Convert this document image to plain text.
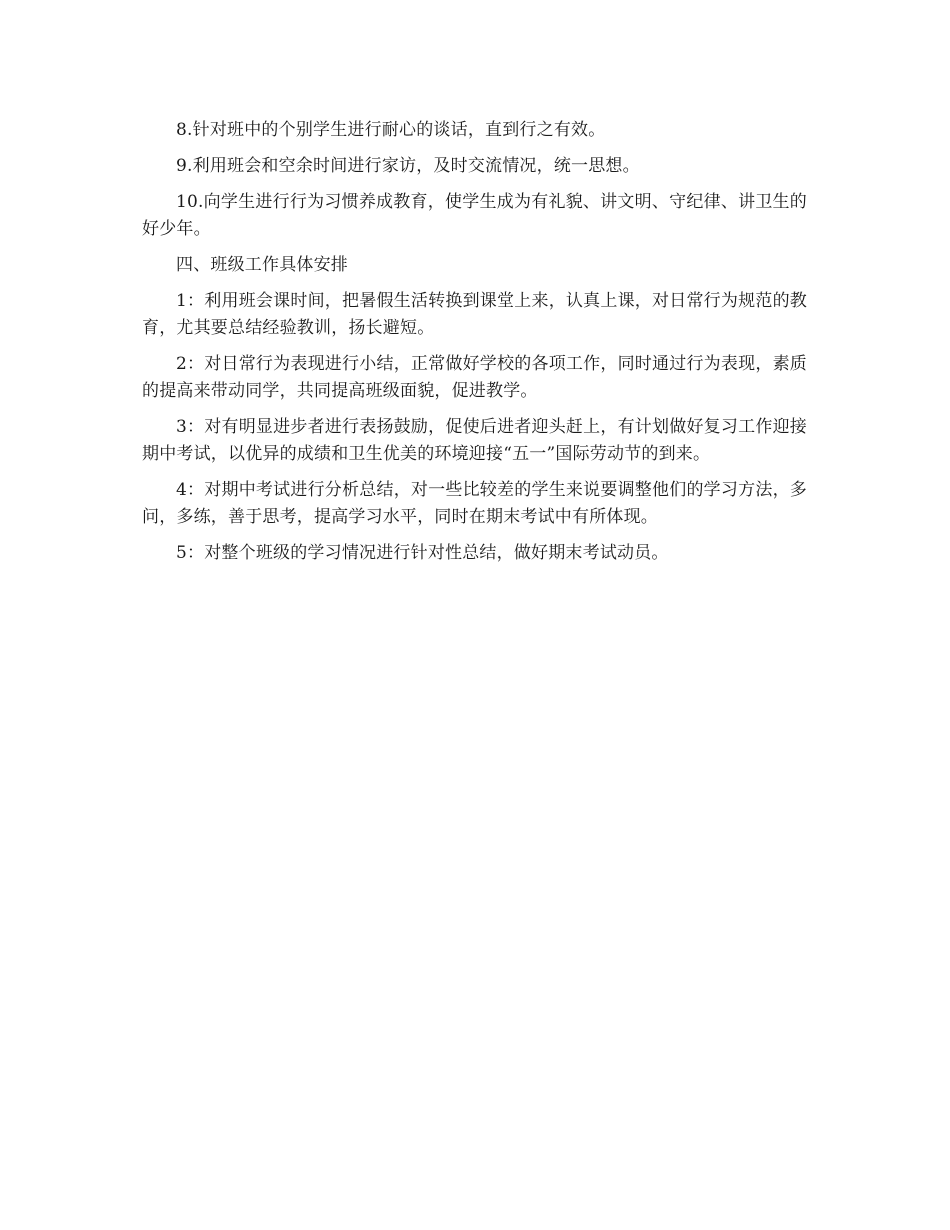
8.针对班中的个别学生进行耐心的谈话，直到行之有效。

9.利用班会和空余时间进行家访，及时交流情况，统一思想。

10.向学生进行行为习惯养成教育，使学生成为有礼貌、讲文明、守纪律、讲卫生的好少年。

四、班级工作具体安排

1：利用班会课时间，把暑假生活转换到课堂上来，认真上课，对日常行为规范的教育，尤其要总结经验教训，扬长避短。

2：对日常行为表现进行小结，正常做好学校的各项工作，同时通过行为表现，素质的提高来带动同学，共同提高班级面貌，促进教学。

3：对有明显进步者进行表扬鼓励，促使后进者迎头赶上，有计划做好复习工作迎接期中考试，以优异的成绩和卫生优美的环境迎接“五一”国际劳动节的到来。

4：对期中考试进行分析总结，对一些比较差的学生来说要调整他们的学习方法，多问，多练，善于思考，提高学习水平，同时在期末考试中有所体现。

5：对整个班级的学习情况进行针对性总结，做好期末考试动员。
